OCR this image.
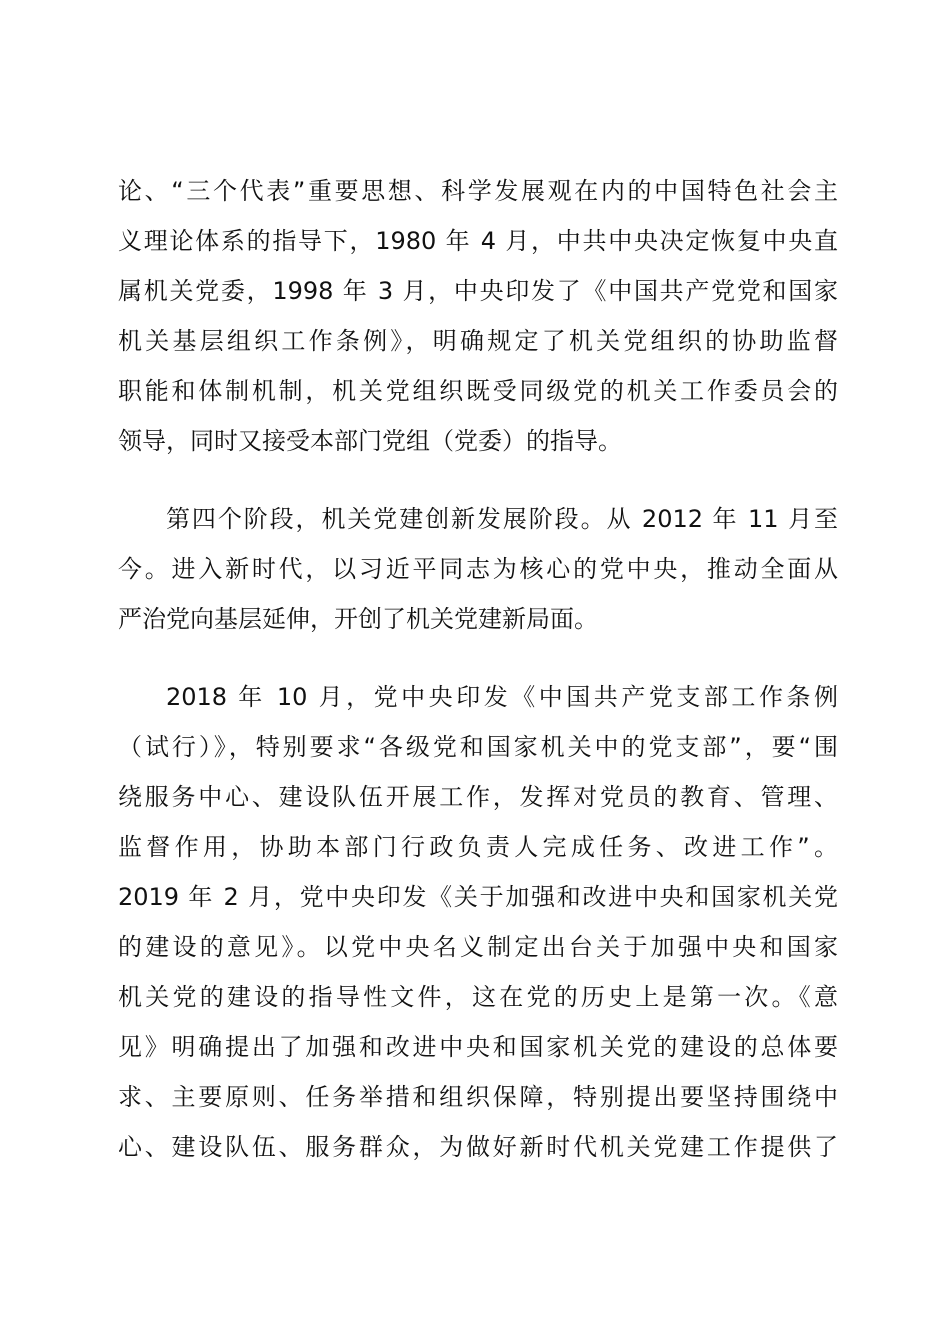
论、“三个代表”重要思想、科学发展观在内的中国特色社会主
义理论体系的指导下，1980 年 4 月，中共中央决定恢复中央直
属机关党委，1998 年 3 月，中央印发了《中国共产党党和国家
机关基层组织工作条例》，明确规定了机关党组织的协助监督
职能和体制机制，机关党组织既受同级党的机关工作委员会的
领导，同时又接受本部门党组（党委）的指导。
第四个阶段，机关党建创新发展阶段。从 2012 年 11 月至
今。进入新时代，以习近平同志为核心的党中央，推动全面从
严治党向基层延伸，开创了机关党建新局面。
2018 年 10 月，党中央印发《中国共产党支部工作条例
（试行）》，特别要求“各级党和国家机关中的党支部”，要“围
绕服务中心、建设队伍开展工作，发挥对党员的教育、管理、
监督作用，协助本部门行政负责人完成任务、改进工作”。
2019 年 2 月，党中央印发《关于加强和改进中央和国家机关党
的建设的意见》。以党中央名义制定出台关于加强中央和国家
机关党的建设的指导性文件，这在党的历史上是第一次。《意
见》明确提出了加强和改进中央和国家机关党的建设的总体要
求、主要原则、任务举措和组织保障，特别提出要坚持围绕中
心、建设队伍、服务群众，为做好新时代机关党建工作提供了
